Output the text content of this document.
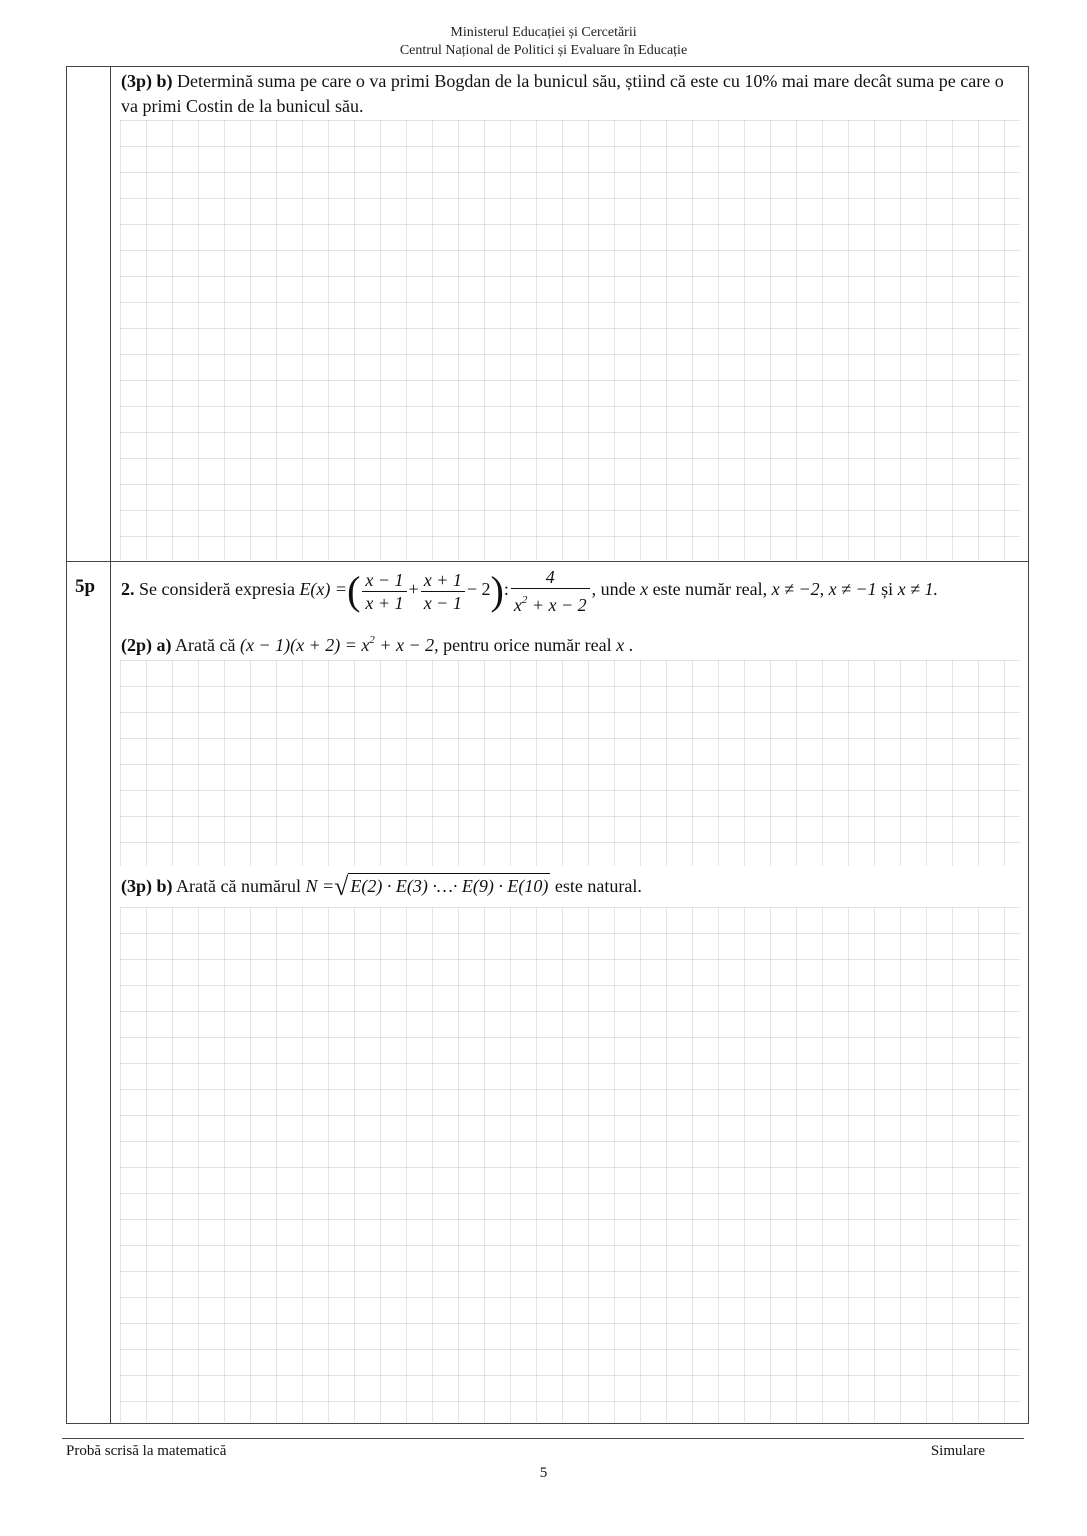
Ministerul Educației și Cercetării
Centrul Național de Politici și Evaluare în Educație
(3p) b) Determină suma pe care o va primi Bogdan de la bunicul său, știind că este cu 10% mai mare decât suma pe care o va primi Costin de la bunicul său.
5p 2. Se consideră expresia E(x) =( $\frac{x - 1}{x + 1} + \frac{x + 1}{x - 1} - 2$): $\frac{4}{x^2 + x - 2}$ , unde x este număr real, x ≠ −2, x ≠ −1 și x ≠ 1.
(2p) a) Arată că $(x - 1)(x + 2) = x^2 + x - 2$, pentru orice număr real x .
(3p) b) Arată că numărul N =√ E(2) · E(3) ·…· E(9) · E(10) este natural.
Probă scrisă la matematică	Simulare
5
